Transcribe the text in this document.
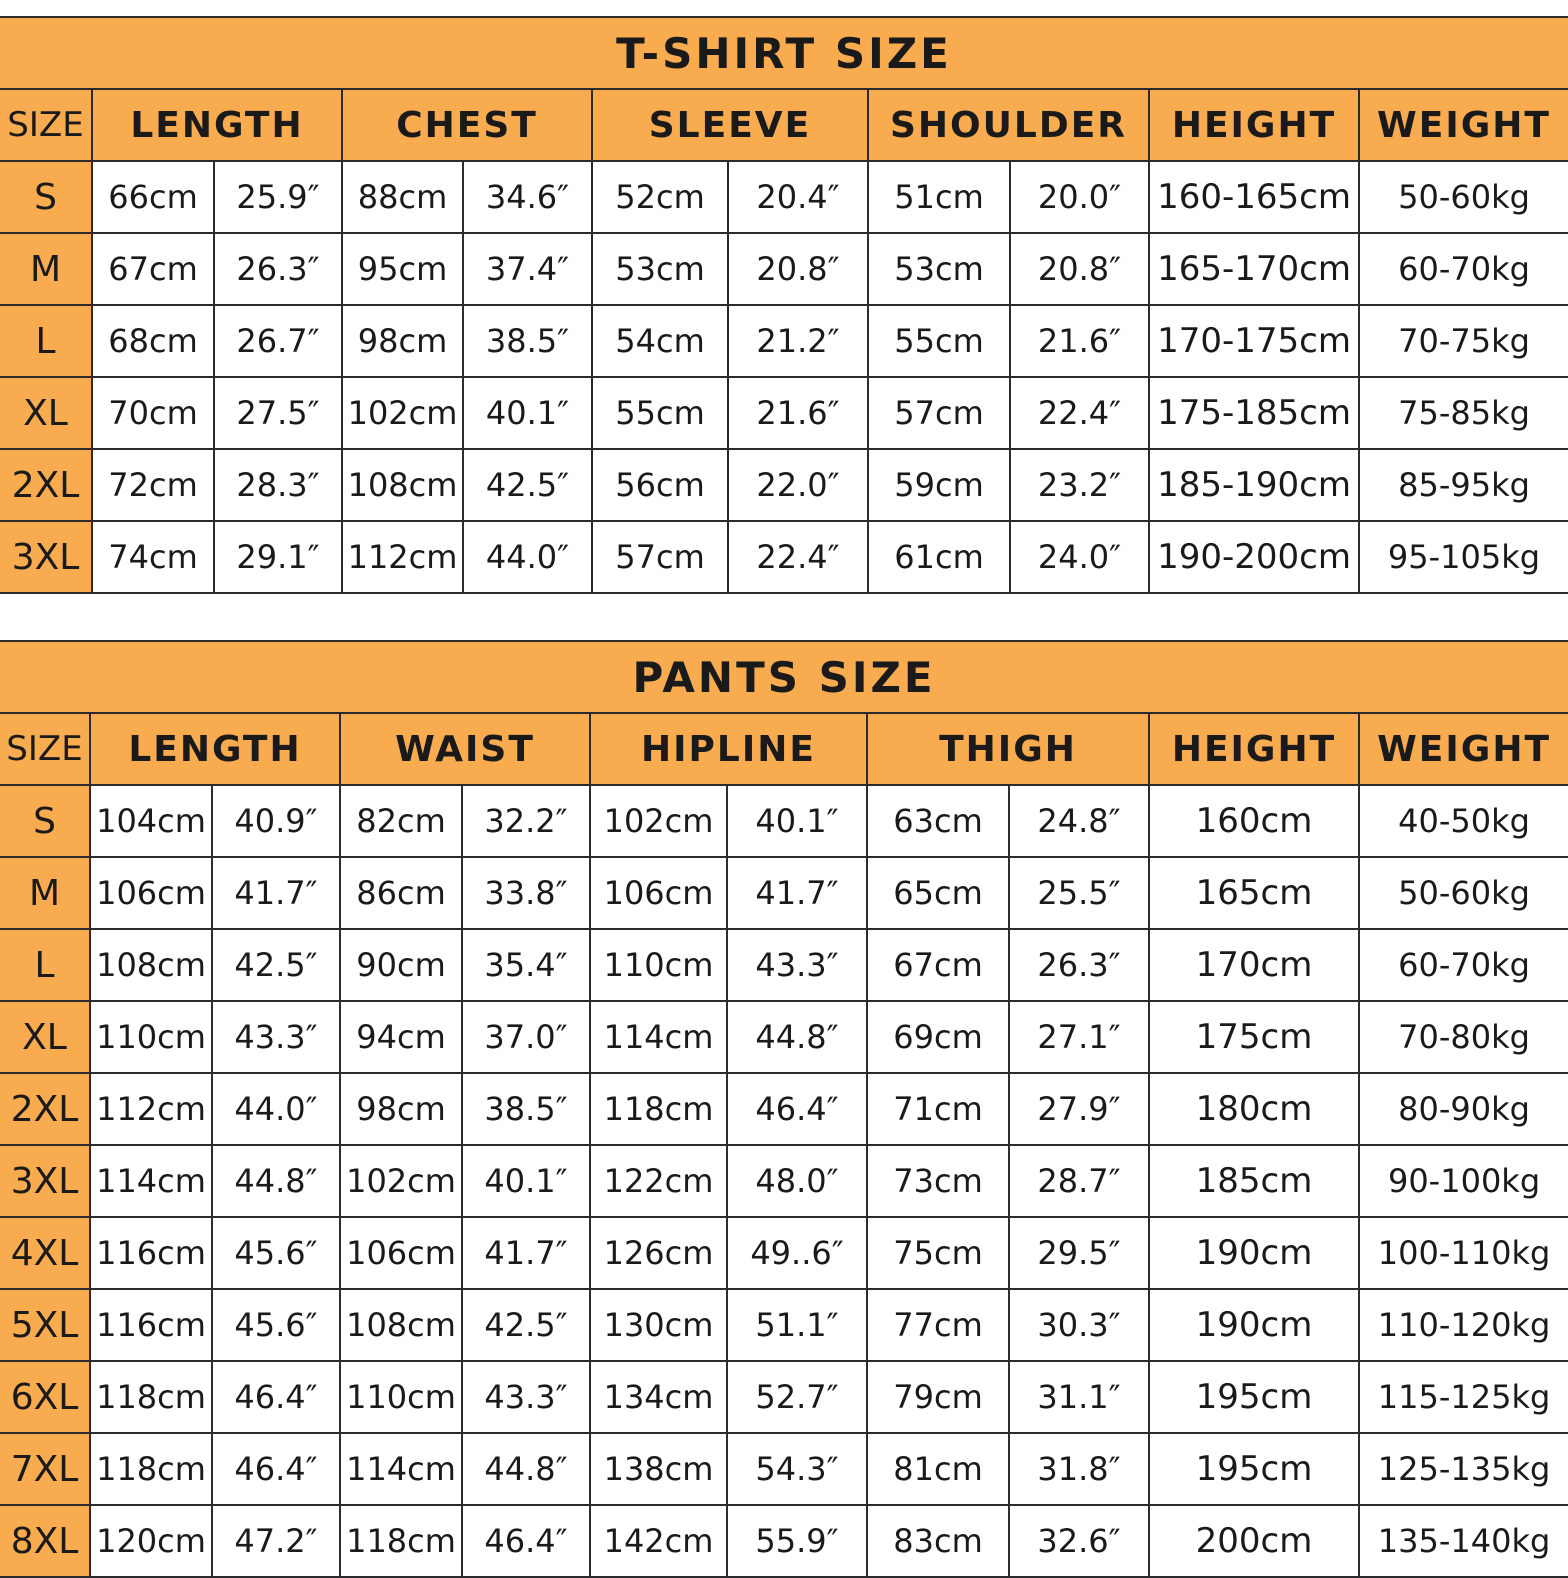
T-SHIRT SIZE										
SIZE	LENGTH		CHEST		SLEEVE		SHOULDER		HEIGHT	WEIGHT
S	66cm	25.9″	88cm	34.6″	52cm	20.4″	51cm	20.0″	160-165cm	50-60kg
M	67cm	26.3″	95cm	37.4″	53cm	20.8″	53cm	20.8″	165-170cm	60-70kg
L	68cm	26.7″	98cm	38.5″	54cm	21.2″	55cm	21.6″	170-175cm	70-75kg
XL	70cm	27.5″	102cm	40.1″	55cm	21.6″	57cm	22.4″	175-185cm	75-85kg
2XL	72cm	28.3″	108cm	42.5″	56cm	22.0″	59cm	23.2″	185-190cm	85-95kg
3XL	74cm	29.1″	112cm	44.0″	57cm	22.4″	61cm	24.0″	190-200cm	95-105kg
PANTS SIZE										
SIZE	LENGTH		WAIST		HIPLINE		THIGH		HEIGHT	WEIGHT
S	104cm	40.9″	82cm	32.2″	102cm	40.1″	63cm	24.8″	160cm	40-50kg
M	106cm	41.7″	86cm	33.8″	106cm	41.7″	65cm	25.5″	165cm	50-60kg
L	108cm	42.5″	90cm	35.4″	110cm	43.3″	67cm	26.3″	170cm	60-70kg
XL	110cm	43.3″	94cm	37.0″	114cm	44.8″	69cm	27.1″	175cm	70-80kg
2XL	112cm	44.0″	98cm	38.5″	118cm	46.4″	71cm	27.9″	180cm	80-90kg
3XL	114cm	44.8″	102cm	40.1″	122cm	48.0″	73cm	28.7″	185cm	90-100kg
4XL	116cm	45.6″	106cm	41.7″	126cm	49..6″	75cm	29.5″	190cm	100-110kg
5XL	116cm	45.6″	108cm	42.5″	130cm	51.1″	77cm	30.3″	190cm	110-120kg
6XL	118cm	46.4″	110cm	43.3″	134cm	52.7″	79cm	31.1″	195cm	115-125kg
7XL	118cm	46.4″	114cm	44.8″	138cm	54.3″	81cm	31.8″	195cm	125-135kg
8XL	120cm	47.2″	118cm	46.4″	142cm	55.9″	83cm	32.6″	200cm	135-140kg
